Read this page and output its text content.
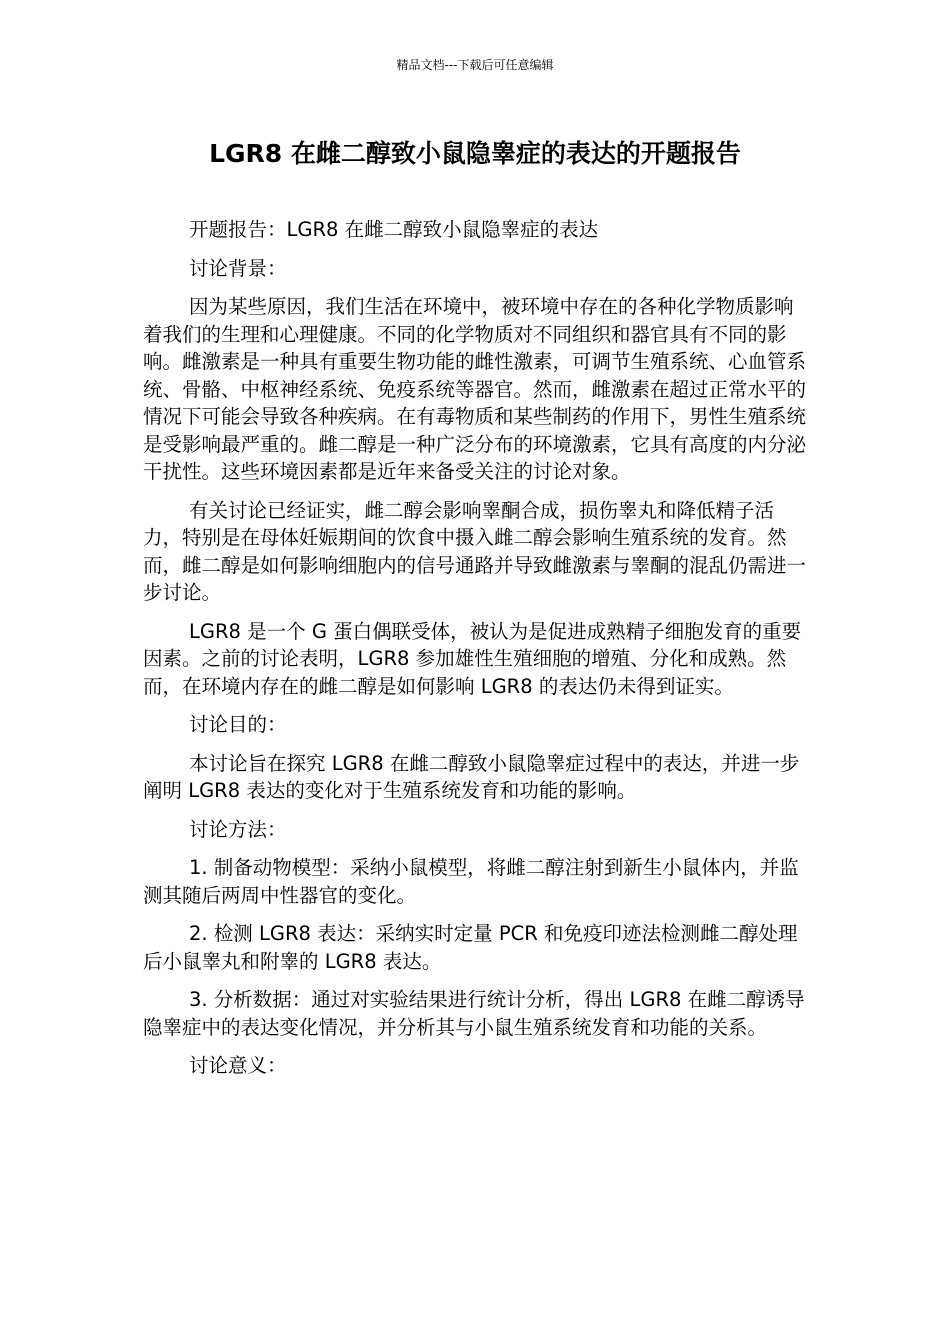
精品文档---下载后可任意编辑
LGR8 在雌二醇致小鼠隐睾症的表达的开题报告

开题报告：LGR8 在雌二醇致小鼠隐睾症的表达

讨论背景：

因为某些原因，我们生活在环境中，被环境中存在的各种化学物质影响着我们的生理和心理健康。不同的化学物质对不同组织和器官具有不同的影响。雌激素是一种具有重要生物功能的雌性激素，可调节生殖系统、心血管系统、骨骼、中枢神经系统、免疫系统等器官。然而，雌激素在超过正常水平的情况下可能会导致各种疾病。在有毒物质和某些制药的作用下，男性生殖系统是受影响最严重的。雌二醇是一种广泛分布的环境激素，它具有高度的内分泌干扰性。这些环境因素都是近年来备受关注的讨论对象。

有关讨论已经证实，雌二醇会影响睾酮合成，损伤睾丸和降低精子活力，特别是在母体妊娠期间的饮食中摄入雌二醇会影响生殖系统的发育。然而，雌二醇是如何影响细胞内的信号通路并导致雌激素与睾酮的混乱仍需进一步讨论。

LGR8 是一个 G 蛋白偶联受体，被认为是促进成熟精子细胞发育的重要因素。之前的讨论表明，LGR8 参加雄性生殖细胞的增殖、分化和成熟。然而，在环境内存在的雌二醇是如何影响 LGR8 的表达仍未得到证实。

讨论目的：

本讨论旨在探究 LGR8 在雌二醇致小鼠隐睾症过程中的表达，并进一步阐明 LGR8 表达的变化对于生殖系统发育和功能的影响。

讨论方法：

1. 制备动物模型：采纳小鼠模型，将雌二醇注射到新生小鼠体内，并监测其随后两周中性器官的变化。

2. 检测 LGR8 表达：采纳实时定量 PCR 和免疫印迹法检测雌二醇处理后小鼠睾丸和附睾的 LGR8 表达。

3. 分析数据：通过对实验结果进行统计分析，得出 LGR8 在雌二醇诱导隐睾症中的表达变化情况，并分析其与小鼠生殖系统发育和功能的关系。

讨论意义：
